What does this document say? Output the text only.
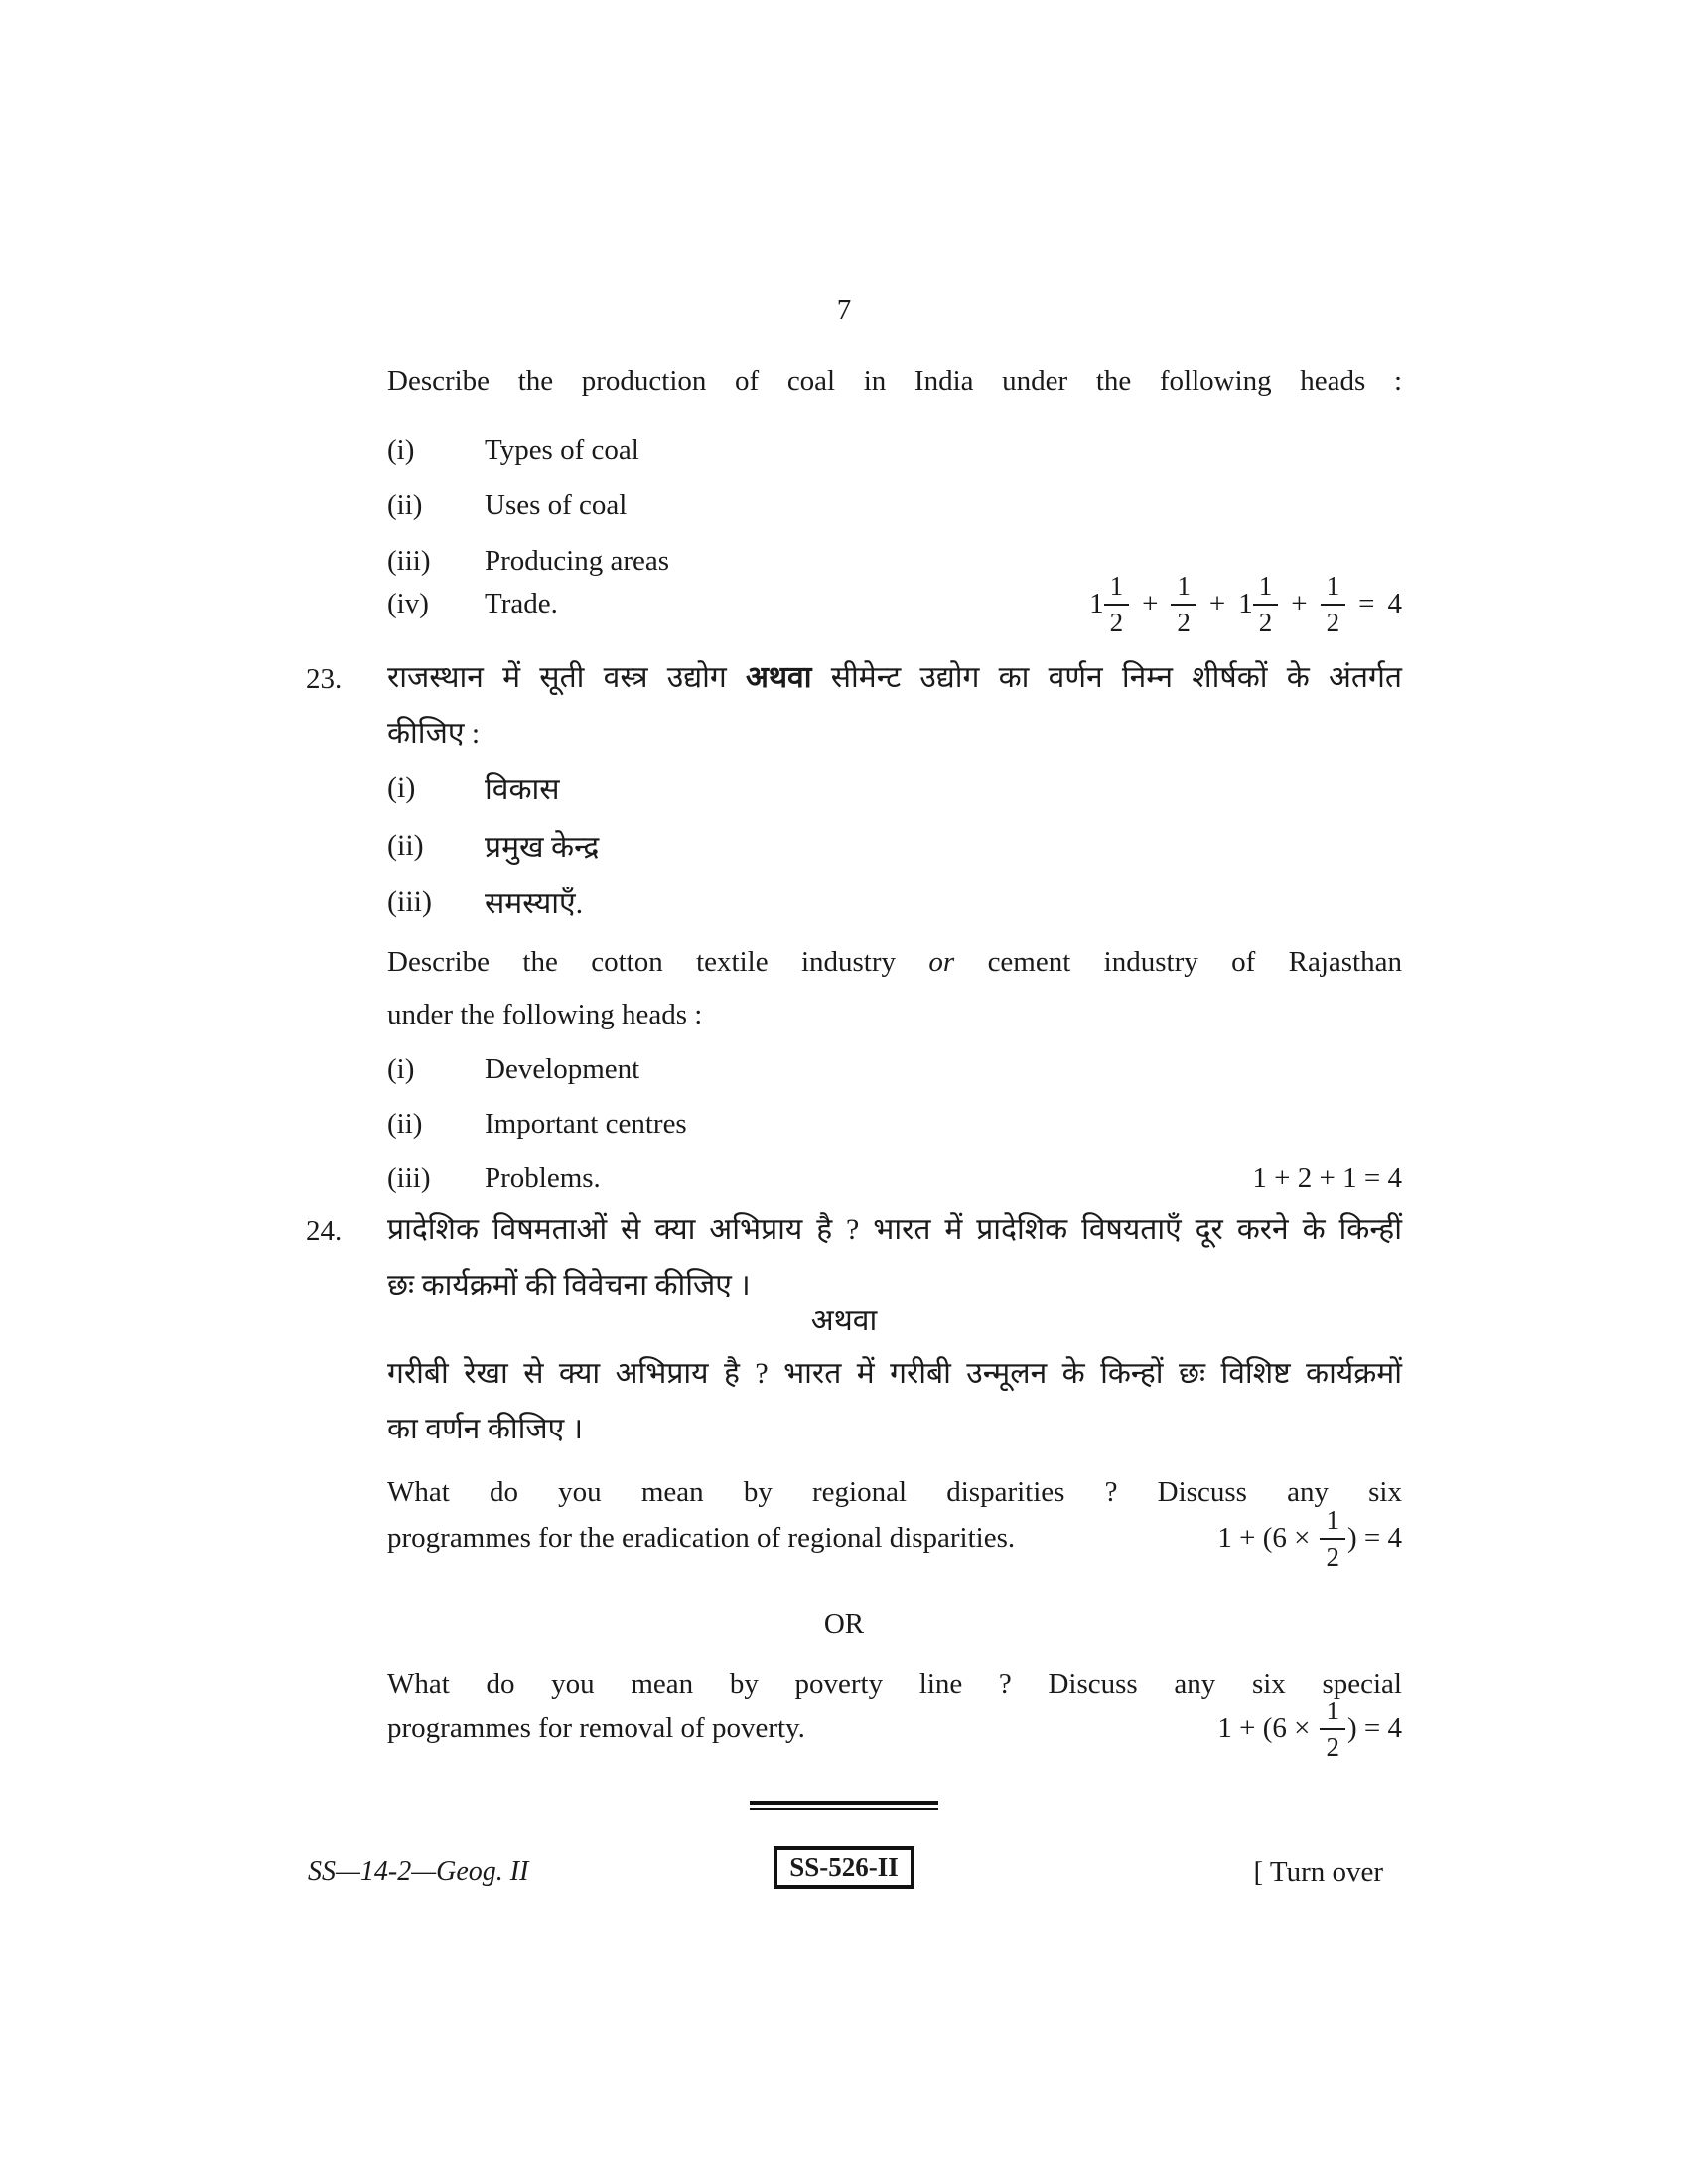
7
Describe the production of coal in India under the following heads :
(i)	Types of coal
(ii)	Uses of coal
(iii)	Producing areas
(iv)	Trade.	$1 \frac{1}{2} + \frac{1}{2} + 1 \frac{1}{2} + \frac{1}{2} = 4$
23.	राजस्थान में सूती वस्त्र उद्योग अथवा सीमेन्ट उद्योग का वर्णन निम्न शीर्षकों के अंतर्गत
कीजिए :
(i)	विकास
(ii)	प्रमुख केन्द्र
(iii)	समस्याएँ.
Describe the cotton textile industry or cement industry of Rajasthan
under the following heads :
(i)	Development
(ii)	Important centres
(iii)	Problems.	1 + 2 + 1 = 4
24.	प्रादेशिक विषमताओं से क्या अभिप्राय है ? भारत में प्रादेशिक विषयताएँ दूर करने के किन्हीं
छः कार्यक्रमों की विवेचना कीजिए ।
अथवा
गरीबी रेखा से क्या अभिप्राय है ? भारत में गरीबी उन्मूलन के किन्हों छः विशिष्ट कार्यक्रमों
का वर्णन कीजिए ।
What do you mean by regional disparities ? Discuss any six
programmes for the eradication of regional disparities.	$1 + (6 \times \frac{1}{2}$ ) = 4
OR
What do you mean by poverty line ? Discuss any six special
programmes for removal of poverty.	$1 + (6 \times \frac{1}{2}$ ) = 4
SS—14-2—Geog. II	SS-526-II	[ Turn over
